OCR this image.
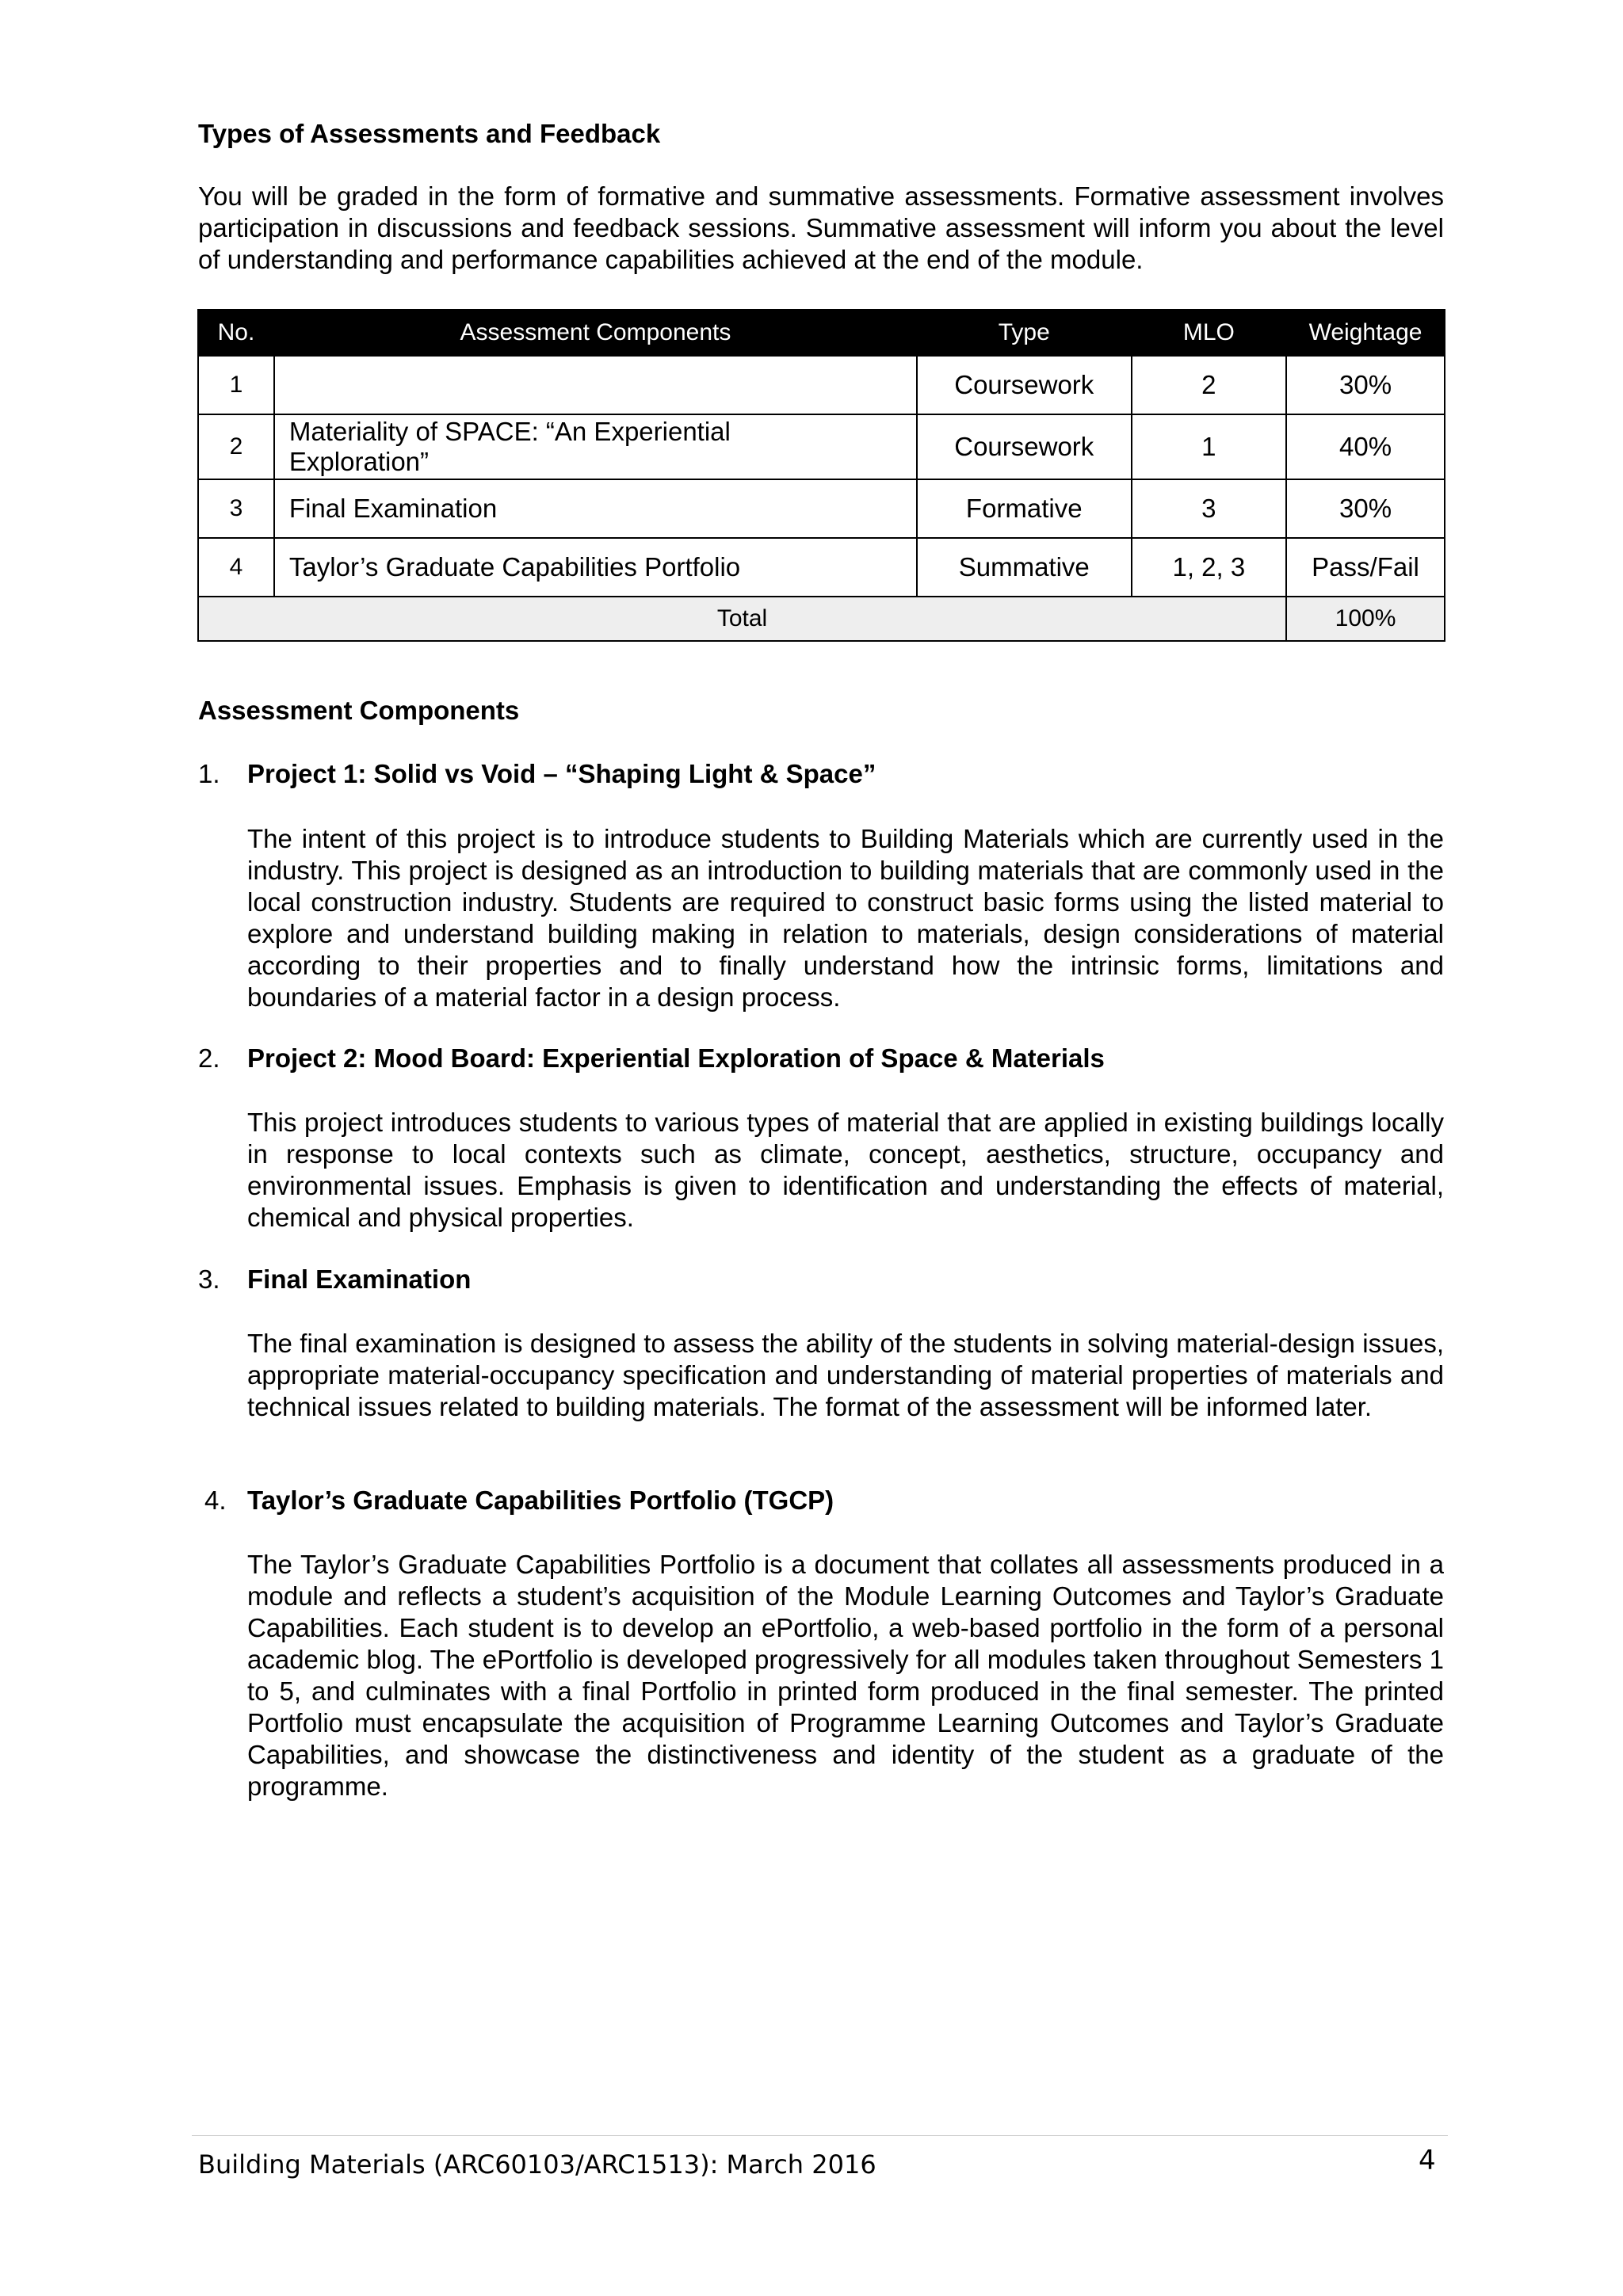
Types of Assessments and Feedback

You will be graded in the form of formative and summative assessments. Formative assessment involves participation in discussions and feedback sessions. Summative assessment will inform you about the level of understanding and performance capabilities achieved at the end of the module.

No.	Assessment Components	Type	MLO	Weightage
1		Coursework	2	30%
2	Materiality of SPACE: “An Experiential Exploration”	Coursework	1	40%
3	Final Examination	Formative	3	30%
4	Taylor’s Graduate Capabilities Portfolio	Summative	1, 2, 3	Pass/Fail
Total				100%
Assessment Components

1. Project 1: Solid vs Void – “Shaping Light & Space”

The intent of this project is to introduce students to Building Materials which are currently used in the industry. This project is designed as an introduction to building materials that are commonly used in the local construction industry. Students are required to construct basic forms using the listed material to explore and understand building making in relation to materials, design considerations of material according to their properties and to finally understand how the intrinsic forms, limitations and boundaries of a material factor in a design process.

2. Project 2: Mood Board: Experiential Exploration of Space & Materials

This project introduces students to various types of material that are applied in existing buildings locally in response to local contexts such as climate, concept, aesthetics, structure, occupancy and environmental issues. Emphasis is given to identification and understanding the effects of material, chemical and physical properties.

3. Final Examination

The final examination is designed to assess the ability of the students in solving material-design issues, appropriate material-occupancy specification and understanding of material properties of materials and technical issues related to building materials. The format of the assessment will be informed later.

4. Taylor’s Graduate Capabilities Portfolio (TGCP)

The Taylor’s Graduate Capabilities Portfolio is a document that collates all assessments produced in a module and reflects a student’s acquisition of the Module Learning Outcomes and Taylor’s Graduate Capabilities. Each student is to develop an ePortfolio, a web-based portfolio in the form of a personal academic blog. The ePortfolio is developed progressively for all modules taken throughout Semesters 1 to 5, and culminates with a final Portfolio in printed form produced in the final semester. The printed Portfolio must encapsulate the acquisition of Programme Learning Outcomes and Taylor’s Graduate Capabilities, and showcase the distinctiveness and identity of the student as a graduate of the programme.

Building Materials (ARC60103/ARC1513): March 2016	4
